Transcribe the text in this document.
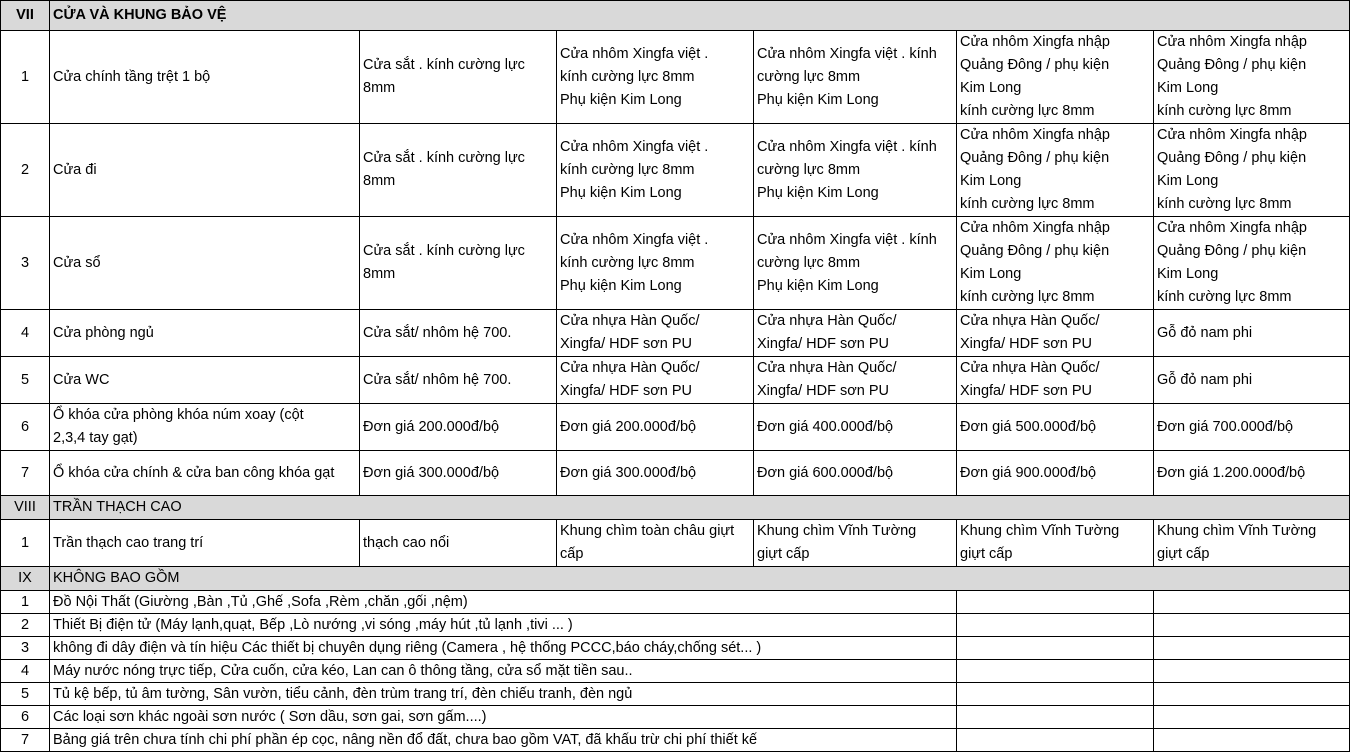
VII	CỬA VÀ KHUNG BẢO VỆ					
1	Cửa chính tầng trệt 1 bộ	Cửa sắt . kính cường lực
8mm	Cửa nhôm Xingfa việt .
kính cường lực 8mm
Phụ kiện Kim Long	Cửa nhôm Xingfa việt . kính
cường lực 8mm
Phụ kiện Kim Long	Cửa nhôm Xingfa nhập
Quảng Đông / phụ kiện
Kim Long
kính cường lực 8mm	Cửa nhôm Xingfa nhập
Quảng Đông / phụ kiện
Kim Long
kính cường lực 8mm

2	Cửa đi	Cửa sắt . kính cường lực
8mm	Cửa nhôm Xingfa việt .
kính cường lực 8mm
Phụ kiện Kim Long	Cửa nhôm Xingfa việt . kính
cường lực 8mm
Phụ kiện Kim Long	Cửa nhôm Xingfa nhập
Quảng Đông / phụ kiện
Kim Long
kính cường lực 8mm	Cửa nhôm Xingfa nhập
Quảng Đông / phụ kiện
Kim Long
kính cường lực 8mm

3	Cửa sổ	Cửa sắt . kính cường lực
8mm	Cửa nhôm Xingfa việt .
kính cường lực 8mm
Phụ kiện Kim Long	Cửa nhôm Xingfa việt . kính
cường lực 8mm
Phụ kiện Kim Long	Cửa nhôm Xingfa nhập
Quảng Đông / phụ kiện
Kim Long
kính cường lực 8mm	Cửa nhôm Xingfa nhập
Quảng Đông / phụ kiện
Kim Long
kính cường lực 8mm

4	Cửa phòng ngủ	Cửa sắt/ nhôm hệ 700.	Cửa nhựa Hàn Quốc/
Xingfa/ HDF sơn PU	Cửa nhựa Hàn Quốc/
Xingfa/ HDF sơn PU	Cửa nhựa Hàn Quốc/
Xingfa/ HDF sơn PU	Gỗ đỏ nam phi
5	Cửa WC	Cửa sắt/ nhôm hệ 700.	Cửa nhựa Hàn Quốc/
Xingfa/ HDF sơn PU	Cửa nhựa Hàn Quốc/
Xingfa/ HDF sơn PU	Cửa nhựa Hàn Quốc/
Xingfa/ HDF sơn PU	Gỗ đỏ nam phi
6	Ổ khóa cửa phòng khóa núm xoay (cột
2,3,4 tay gạt)	Đơn giá 200.000đ/bộ	Đơn giá 200.000đ/bộ	Đơn giá 400.000đ/bộ	Đơn giá 500.000đ/bộ	Đơn giá 700.000đ/bộ
7	Ổ khóa cửa chính & cửa ban công khóa gạt	Đơn giá 300.000đ/bộ	Đơn giá 300.000đ/bộ	Đơn giá 600.000đ/bộ	Đơn giá 900.000đ/bộ	Đơn giá 1.200.000đ/bộ
VIII	TRẦN THẠCH CAO					
1	Trần thạch cao trang trí	thạch cao nổi	Khung chìm toàn châu giựt
cấp	Khung chìm Vĩnh Tường
giựt cấp	Khung chìm Vĩnh Tường
giựt cấp	Khung chìm Vĩnh Tường
giựt cấp

IX	KHÔNG BAO GỒM					
1	Đồ Nội Thất (Giường ,Bàn ,Tủ ,Ghế ,Sofa ,Rèm ,chăn ,gối ,nệm)					
2	Thiết Bị điện tử (Máy lạnh,quạt, Bếp ,Lò nướng ,vi sóng ,máy hút ,tủ lạnh ,tivi ... )					
3	không đi dây điện và tín hiệu Các thiết bị chuyên dụng riêng (Camera , hệ thống PCCC,báo cháy,chống sét... )					
4	Máy nước nóng trực tiếp, Cửa cuốn, cửa kéo, Lan can ô thông tầng, cửa sổ mặt tiền sau..					
5	Tủ kệ bếp, tủ âm tường, Sân vườn, tiểu cảnh, đèn trùm trang trí, đèn chiếu tranh, đèn ngủ					
6	Các loại sơn khác ngoài sơn nước ( Sơn dầu, sơn gai, sơn gấm....)					
7	Bảng giá trên chưa tính chi phí phần ép cọc, nâng nền đổ đất, chưa bao gồm VAT, đã khấu trừ chi phí thiết kế					
